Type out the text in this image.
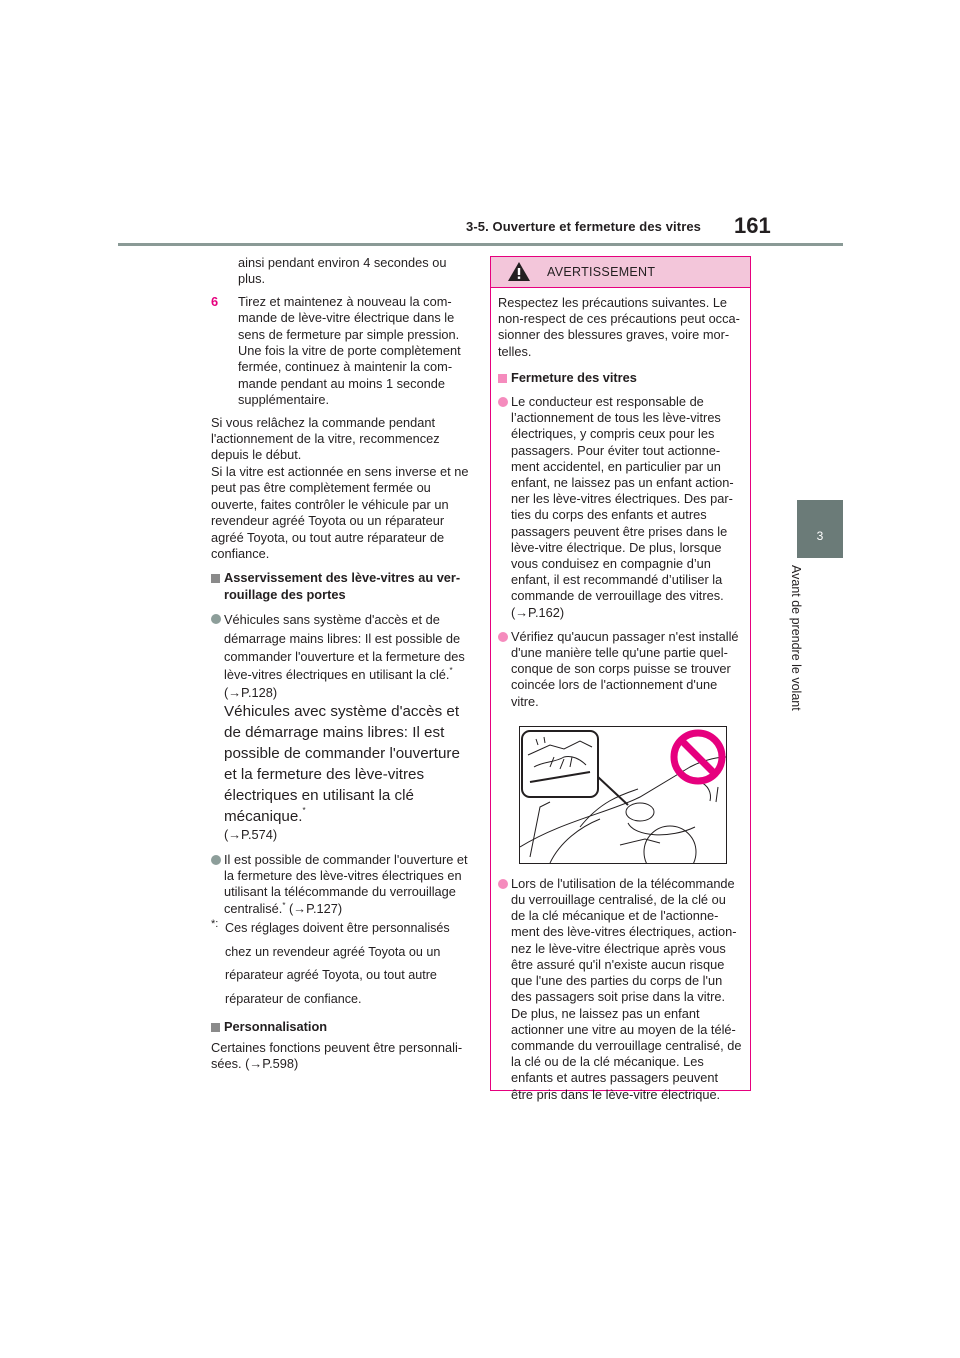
3-5. Ouverture et fermeture des vitres 161
3
Avant de prendre le volant

ainsi pendant environ 4 secondes ou plus.

6 Tirez et maintenez à nouveau la commande de lève-vitre électrique dans le sens de fermeture par simple pression. Une fois la vitre de porte complètement fermée, continuez à maintenir la commande pendant au moins 1 seconde supplémentaire.

Si vous relâchez la commande pendant l'actionnement de la vitre, recommencez depuis le début.

Si la vitre est actionnée en sens inverse et ne peut pas être complètement fermée ou ouverte, faites contrôler le véhicule par un revendeur agréé Toyota ou un réparateur agréé Toyota, ou tout autre réparateur de confiance.

Asservissement des lève-vitres au verrouillage des portes

Véhicules sans système d'accès et de démarrage mains libres: Il est possible de commander l'ouverture et la fermeture des lève-vitres électriques en utilisant la clé.*
(→P.128)
Véhicules avec système d'accès et de démarrage mains libres: Il est possible de commander l'ouverture et la fermeture des lève-vitres électriques en utilisant la clé mécanique.*
(→P.574)
Il est possible de commander l'ouverture et la fermeture des lève-vitres électriques en utilisant la télécommande du verrouillage centralisé.* (→P.127)
*: Ces réglages doivent être personnalisés chez un revendeur agréé Toyota ou un réparateur agréé Toyota, ou tout autre réparateur de confiance.

Personnalisation

Certaines fonctions peuvent être personnalisées. (→P.598)

AVERTISSEMENT

Respectez les précautions suivantes. Le non-respect de ces précautions peut occasionner des blessures graves, voire mortelles.

Fermeture des vitres

Le conducteur est responsable de l’actionnement de tous les lève-vitres électriques, y compris ceux pour les passagers. Pour éviter tout actionnement accidentel, en particulier par un enfant, ne laissez pas un enfant actionner les lève-vitres électriques. Des parties du corps des enfants et autres passagers peuvent être prises dans le lève-vitre électrique. De plus, lorsque vous conduisez en compagnie d’un enfant, il est recommandé d’utiliser la commande de verrouillage des vitres.
(→P.162)
Vérifiez qu'aucun passager n'est installé d'une manière telle qu'une partie quelconque de son corps puisse se trouver coincée lors de l'actionnement d'une vitre.
Lors de l'utilisation de la télécommande du verrouillage centralisé, de la clé ou de la clé mécanique et de l'actionnement des lève-vitres électriques, actionnez le lève-vitre électrique après vous être assuré qu'il n'existe aucun risque que l'une des parties du corps de l'un des passagers soit prise dans la vitre. De plus, ne laissez pas un enfant actionner une vitre au moyen de la télécommande du verrouillage centralisé, de la clé ou de la clé mécanique. Les enfants et autres passagers peuvent être pris dans le lève-vitre électrique.
